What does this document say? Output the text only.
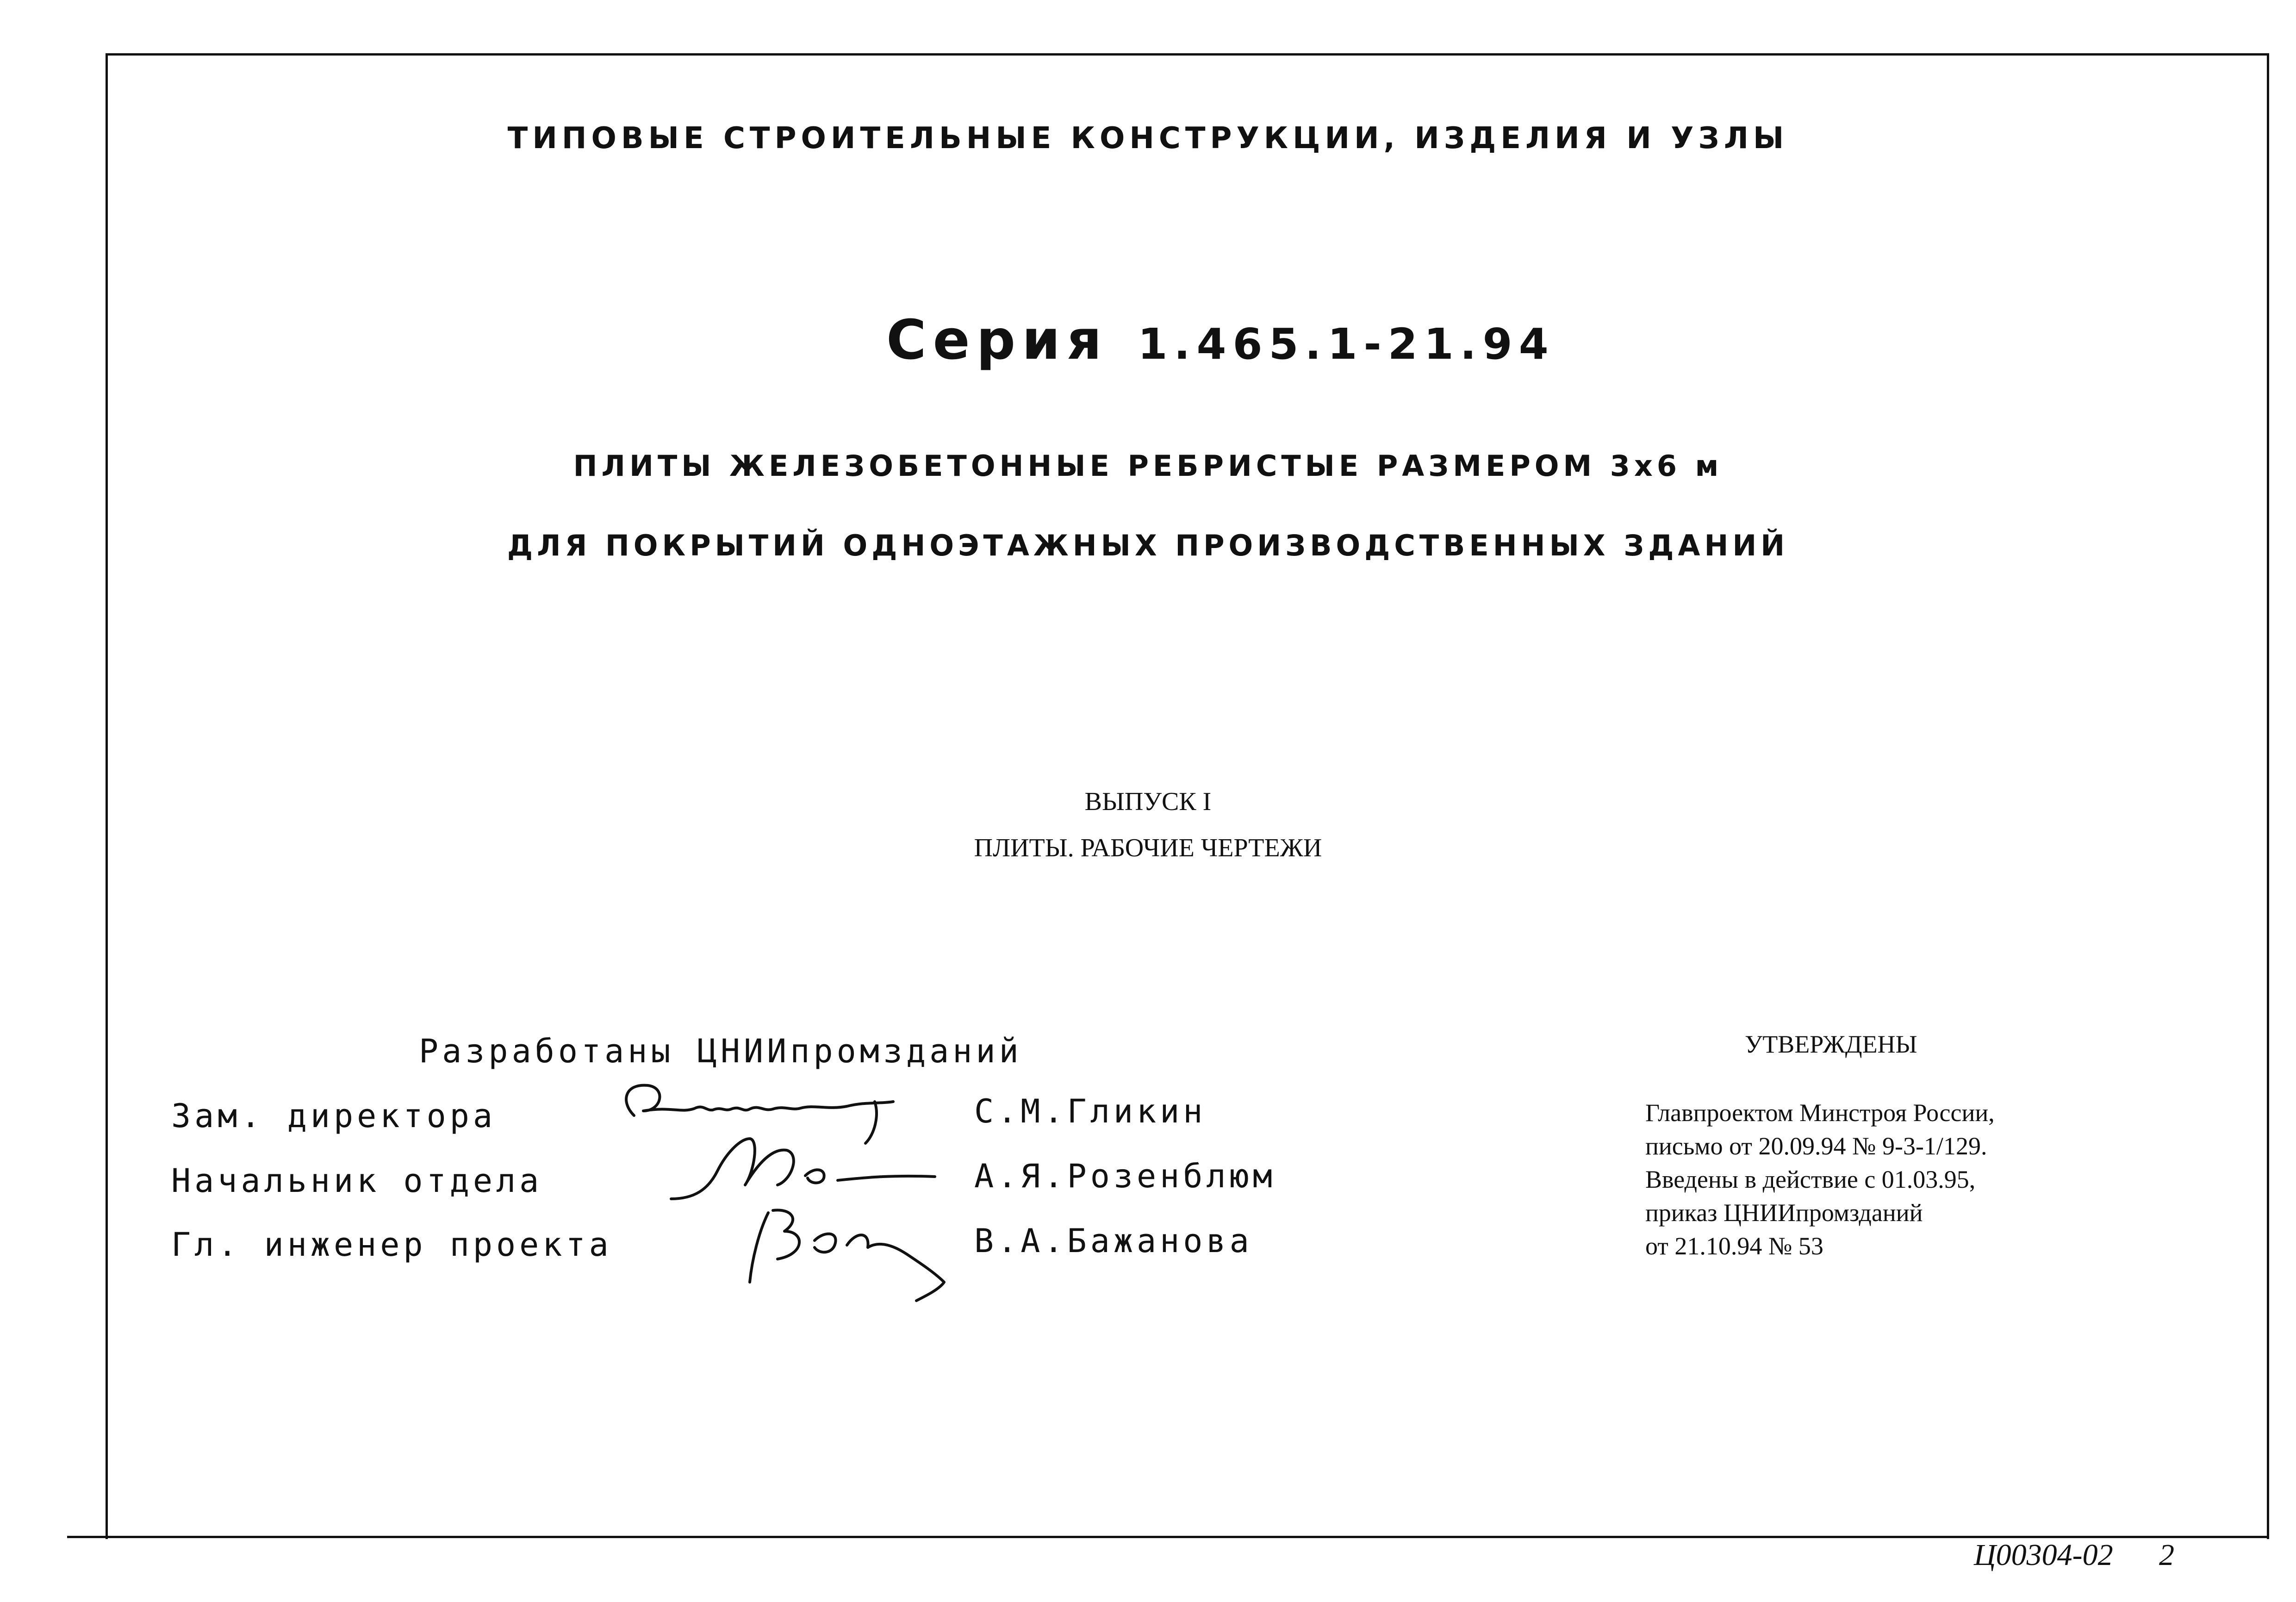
ТИПОВЫЕ СТРОИТЕЛЬНЫЕ КОНСТРУКЦИИ, ИЗДЕЛИЯ И УЗЛЫ
Серия 1.465.1-21.94
ПЛИТЫ ЖЕЛЕЗОБЕТОННЫЕ РЕБРИСТЫЕ РАЗМЕРОМ 3х6 м
ДЛЯ ПОКРЫТИЙ ОДНОЭТАЖНЫХ ПРОИЗВОДСТВЕННЫХ ЗДАНИЙ
ВЫПУСК I
ПЛИТЫ. РАБОЧИЕ ЧЕРТЕЖИ
Разработаны ЦНИИпромзданий
Зам. директора	С.М.Гликин
Начальник отдела	А.Я.Розенблюм
Гл. инженер проекта	В.А.Бажанова
УТВЕРЖДЕНЫ
Главпроектом Минстроя России,
письмо от 20.09.94 № 9-3-1/129.
Введены в действие с 01.03.95,
приказ ЦНИИпромзданий
от 21.10.94 № 53
Ц00304-02 2
